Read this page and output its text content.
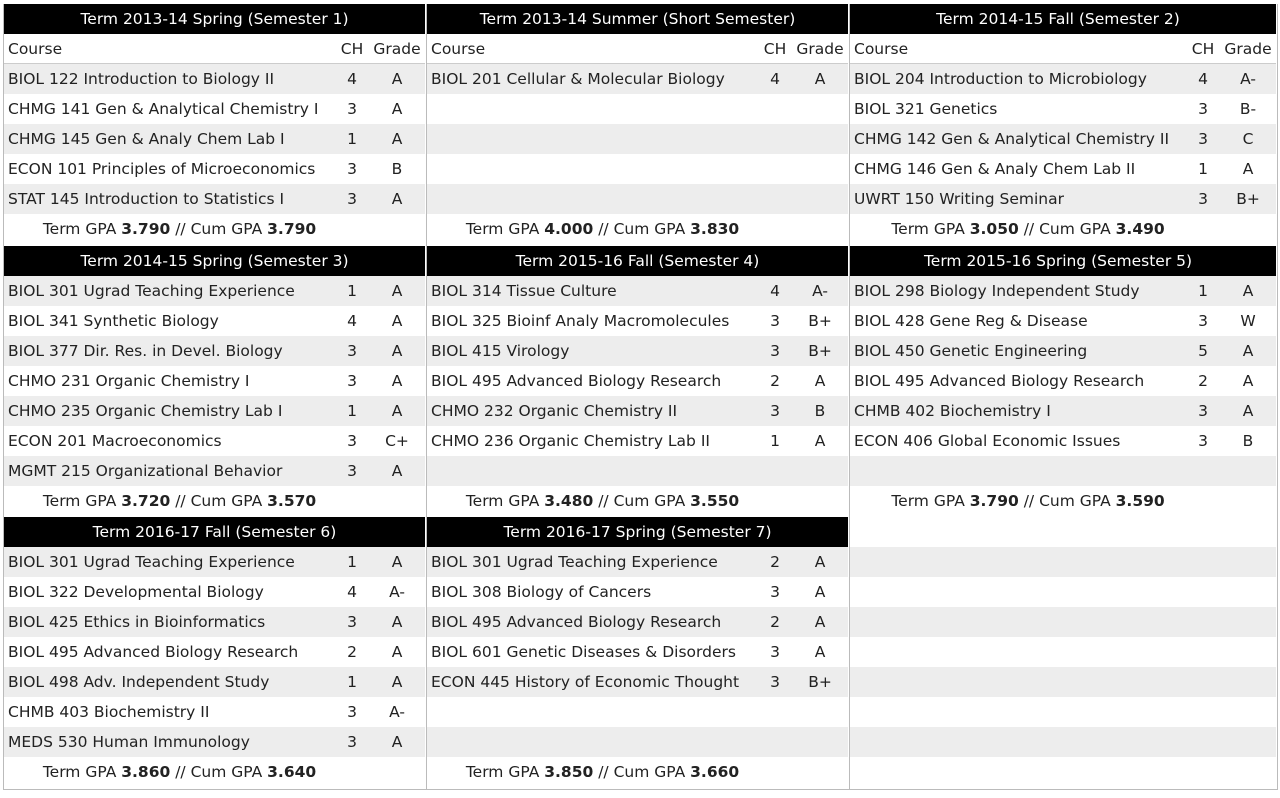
Term 2013-14 Spring (Semester 1)
Course	CH Grade
BIOL 122 Introduction to Biology II	4	A
CHMG 141 Gen & Analytical Chemistry I	3	A
CHMG 145 Gen & Analy Chem Lab I	1	A
ECON 101 Principles of Microeconomics	3	B
STAT 145 Introduction to Statistics I	3	A
Term GPA 3.790 // Cum GPA 3.790
Term 2013-14 Summer (Short Semester)
Course	CH Grade
BIOL 201 Cellular & Molecular Biology	4	A
Term GPA 4.000 // Cum GPA 3.830
Term 2014-15 Fall (Semester 2)
Course	CH Grade
BIOL 204 Introduction to Microbiology	4	A-
BIOL 321 Genetics	3	B-
CHMG 142 Gen & Analytical Chemistry II	3	C
CHMG 146 Gen & Analy Chem Lab II	1	A
UWRT 150 Writing Seminar	3	B+
Term GPA 3.050 // Cum GPA 3.490
Term 2014-15 Spring (Semester 3)
BIOL 301 Ugrad Teaching Experience	1	A
BIOL 341 Synthetic Biology	4	A
BIOL 377 Dir. Res. in Devel. Biology	3	A
CHMO 231 Organic Chemistry I	3	A
CHMO 235 Organic Chemistry Lab I	1	A
ECON 201 Macroeconomics	3	C+
MGMT 215 Organizational Behavior	3	A
Term GPA 3.720 // Cum GPA 3.570
Term 2015-16 Fall (Semester 4)
BIOL 314 Tissue Culture	4	A-
BIOL 325 Bioinf Analy Macromolecules	3	B+
BIOL 415 Virology	3	B+
BIOL 495 Advanced Biology Research	2	A
CHMO 232 Organic Chemistry II	3	B
CHMO 236 Organic Chemistry Lab II	1	A
Term GPA 3.480 // Cum GPA 3.550
Term 2015-16 Spring (Semester 5)
BIOL 298 Biology Independent Study	1	A
BIOL 428 Gene Reg & Disease	3	W
BIOL 450 Genetic Engineering	5	A
BIOL 495 Advanced Biology Research	2	A
CHMB 402 Biochemistry I	3	A
ECON 406 Global Economic Issues	3	B
Term GPA 3.790 // Cum GPA 3.590
Term 2016-17 Fall (Semester 6)
BIOL 301 Ugrad Teaching Experience	1	A
BIOL 322 Developmental Biology	4	A-
BIOL 425 Ethics in Bioinformatics	3	A
BIOL 495 Advanced Biology Research	2	A
BIOL 498 Adv. Independent Study	1	A
CHMB 403 Biochemistry II	3	A-
MEDS 530 Human Immunology	3	A
Term GPA 3.860 // Cum GPA 3.640
Term 2016-17 Spring (Semester 7)
BIOL 301 Ugrad Teaching Experience	2	A
BIOL 308 Biology of Cancers	3	A
BIOL 495 Advanced Biology Research	2	A
BIOL 601 Genetic Diseases & Disorders	3	A
ECON 445 History of Economic Thought	3	B+
Term GPA 3.850 // Cum GPA 3.660
